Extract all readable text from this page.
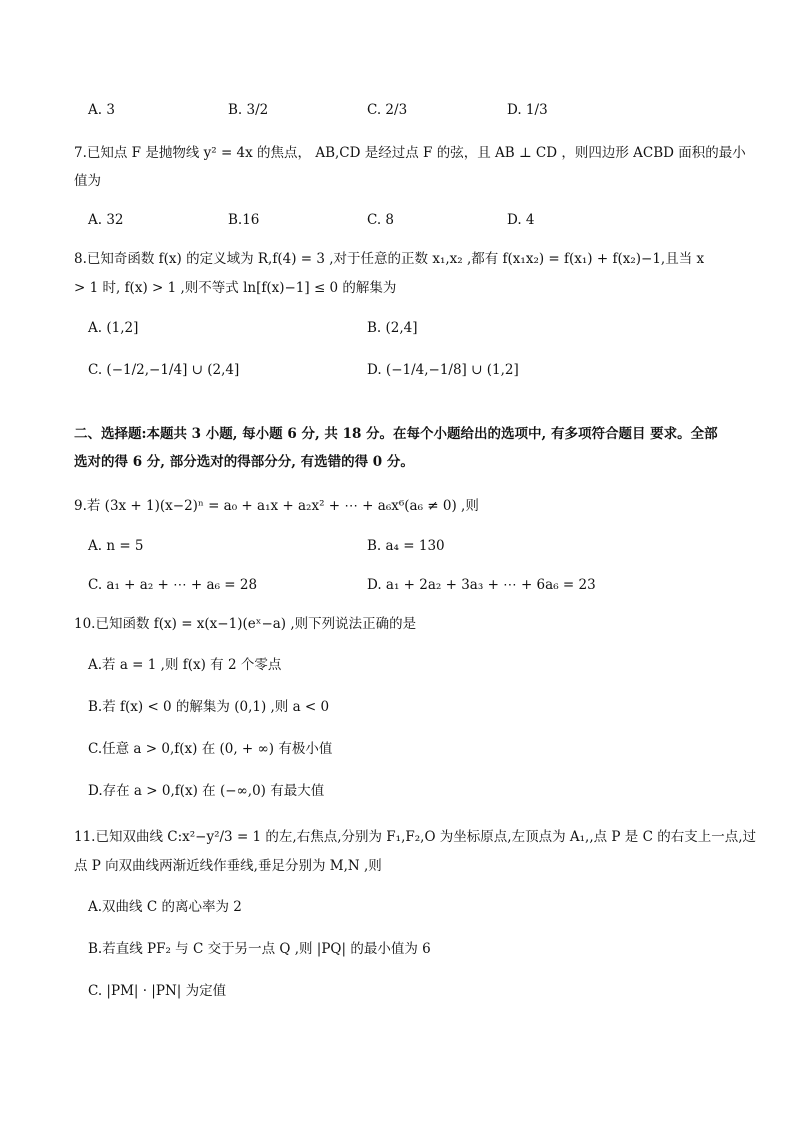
A. 3	B. 3/2	C. 2/3	D. 1/3
7.已知点 F 是抛物线 y² = 4x 的焦点， AB,CD 是经过点 F 的弦，且 AB ⊥ CD ，则四边形 ACBD 面积的最小
值为
A. 32	B.16	C. 8	D. 4
8.已知奇函数 f(x) 的定义域为 R,f(4) = 3 ,对于任意的正数 x₁,x₂ ,都有 f(x₁x₂) = f(x₁) + f(x₂)−1,且当 x
> 1 时, f(x) > 1 ,则不等式 ln[f(x)−1] ≤ 0 的解集为
A. (1,2]	B. (2,4]
C. (−1/2,−1/4] ∪ (2,4]	D. (−1/4,−1/8] ∪ (1,2]
二、选择题:本题共 3 小题, 每小题 6 分, 共 18 分。在每个小题给出的选项中, 有多项符合题目 要求。全部
选对的得 6 分, 部分选对的得部分分, 有选错的得 0 分。
9.若 (3x + 1)(x−2)ⁿ = a₀ + a₁x + a₂x² + ⋯ + a₆x⁶(a₆ ≠ 0) ,则
A. n = 5	B. a₄ = 130
C. a₁ + a₂ + ⋯ + a₆ = 28	D. a₁ + 2a₂ + 3a₃ + ⋯ + 6a₆ = 23
10.已知函数 f(x) = x(x−1)(eˣ−a) ,则下列说法正确的是
A.若 a = 1 ,则 f(x) 有 2 个零点
B.若 f(x) < 0 的解集为 (0,1) ,则 a < 0
C.任意 a > 0,f(x) 在 (0, + ∞) 有极小值
D.存在 a > 0,f(x) 在 (−∞,0) 有最大值
11.已知双曲线 C:x²−y²/3 = 1 的左,右焦点,分别为 F₁,F₂,O 为坐标原点,左顶点为 A₁,,点 P 是 C 的右支上一点,过
点 P 向双曲线两渐近线作垂线,垂足分别为 M,N ,则
A.双曲线 C 的离心率为 2
B.若直线 PF₂ 与 C 交于另一点 Q ,则 |PQ| 的最小值为 6
C. |PM| · |PN| 为定值
